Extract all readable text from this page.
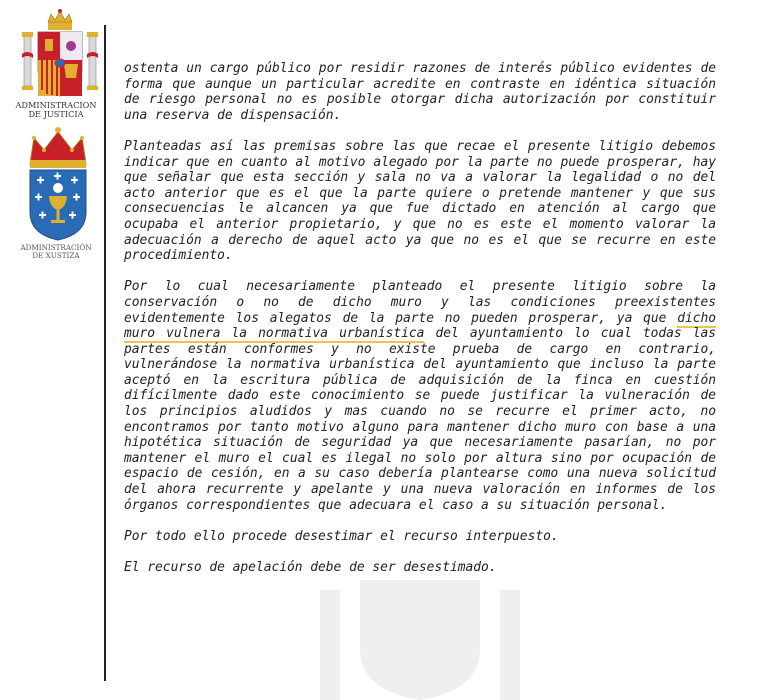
ADMINISTRACION
DE JUSTICIA
ADMINISTRACIÓN
DE XUSTIZA

ostenta un cargo público por residir razones de interés público evidentes de forma que aunque un particular acredite en contraste en idéntica situación de riesgo personal no es posible otorgar dicha autorización por constituir una reserva de dispensación.

Planteadas así las premisas sobre las que recae el presente litigio debemos indicar que en cuanto al motivo alegado por la parte no puede prosperar, hay que señalar que esta sección y sala no va a valorar la legalidad o no del acto anterior que es el que la parte quiere o pretende mantener y que sus consecuencias le alcancen ya que fue dictado en atención al cargo que ocupaba el anterior propietario, y que no es este el momento valorar la adecuación a derecho de aquel acto ya que no es el que se recurre en este procedimiento.

Por lo cual necesariamente planteado el presente litigio sobre la conservación o no de dicho muro y las condiciones preexistentes evidentemente los alegatos de la parte no pueden prosperar, ya que dicho muro vulnera la normativa urbanística del ayuntamiento lo cual todas las partes están conformes y no existe prueba de cargo en contrario, vulnerándose la normativa urbanística del ayuntamiento que incluso la parte aceptó en la escritura pública de adquisición de la finca en cuestión difícilmente dado este conocimiento se puede justificar la vulneración de los principios aludidos y mas cuando no se recurre el primer acto, no encontramos por tanto motivo alguno para mantener dicho muro con base a una hipotética situación de seguridad ya que necesariamente pasarían, no por mantener el muro el cual es ilegal no solo por altura sino por ocupación de espacio de cesión, en a su caso debería plantearse como una nueva solicitud del ahora recurrente y apelante y una nueva valoración en informes de los órganos correspondientes que adecuara el caso a su situación personal.

Por todo ello procede desestimar el recurso interpuesto.

El recurso de apelación debe de ser desestimado.
